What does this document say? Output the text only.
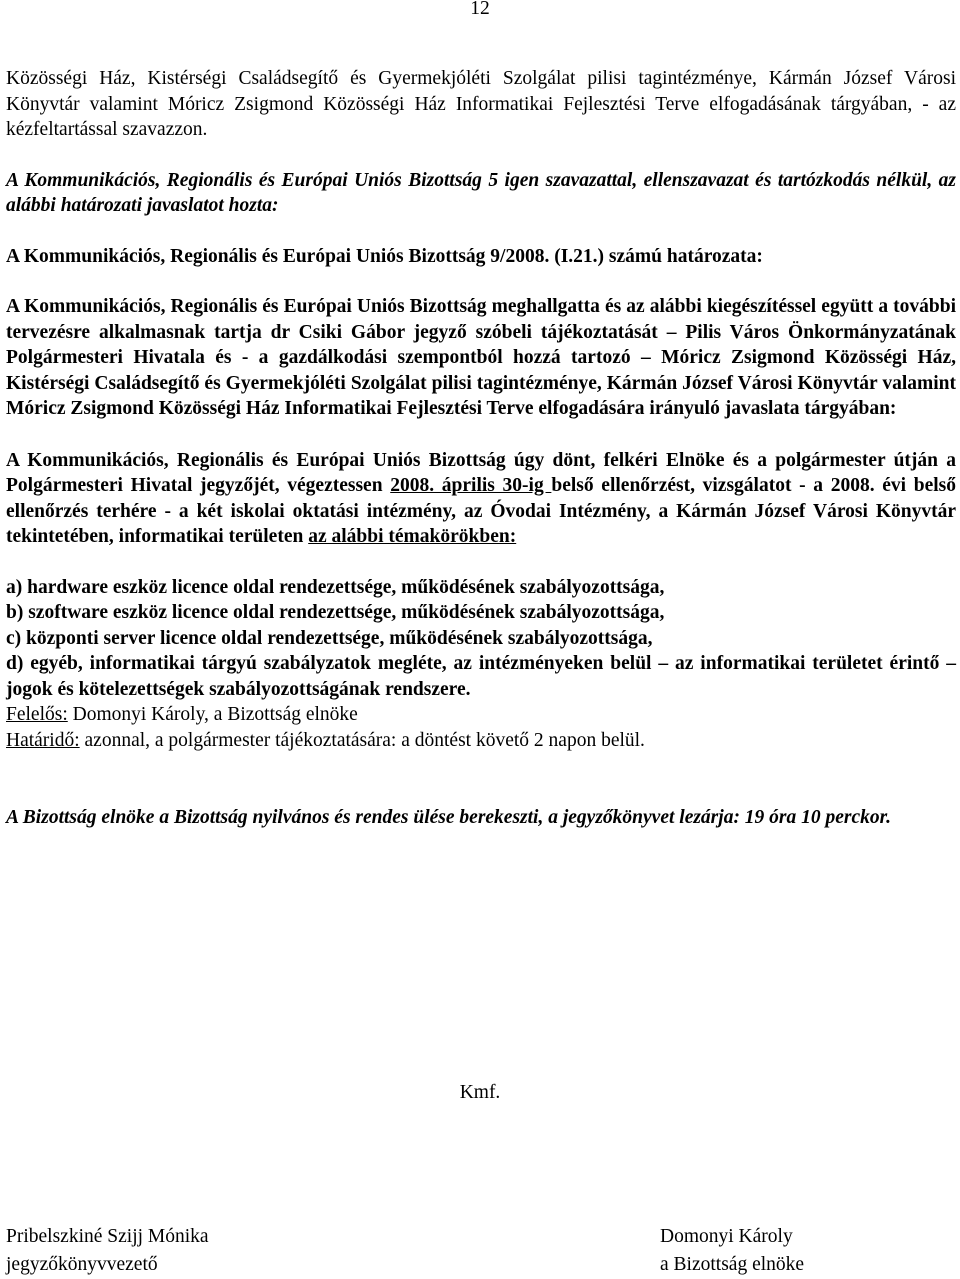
12

Közösségi Ház, Kistérségi Családsegítő és Gyermekjóléti Szolgálat pilisi tagintézménye, Kármán József Városi Könyvtár valamint Móricz Zsigmond Közösségi Ház Informatikai Fejlesztési Terve elfogadásának tárgyában, - az kézfeltartással szavazzon.

A Kommunikációs, Regionális és Európai Uniós Bizottság 5 igen szavazattal, ellenszavazat és tartózkodás nélkül, az alábbi határozati javaslatot hozta:

A Kommunikációs, Regionális és Európai Uniós Bizottság 9/2008. (I.21.) számú határozata:

A Kommunikációs, Regionális és Európai Uniós Bizottság meghallgatta és az alábbi kiegészítéssel együtt a további tervezésre alkalmasnak tartja dr Csiki Gábor jegyző szóbeli tájékoztatását – Pilis Város Önkormányzatának Polgármesteri Hivatala és - a gazdálkodási szempontból hozzá tartozó – Móricz Zsigmond Közösségi Ház, Kistérségi Családsegítő és Gyermekjóléti Szolgálat pilisi tagintézménye, Kármán József Városi Könyvtár valamint Móricz Zsigmond Közösségi Ház Informatikai Fejlesztési Terve elfogadására irányuló javaslata tárgyában:

A Kommunikációs, Regionális és Európai Uniós Bizottság úgy dönt, felkéri Elnöke és a polgármester útján a Polgármesteri Hivatal jegyzőjét, végeztessen 2008. április 30-ig belső ellenőrzést, vizsgálatot - a 2008. évi belső ellenőrzés terhére - a két iskolai oktatási intézmény, az Óvodai Intézmény, a Kármán József Városi Könyvtár tekintetében, informatikai területen az alábbi témakörökben:

a) hardware eszköz licence oldal rendezettsége, működésének szabályozottsága,

b) szoftware eszköz licence oldal rendezettsége, működésének szabályozottsága,

c) központi server licence oldal rendezettsége, működésének szabályozottsága,

d) egyéb, informatikai tárgyú szabályzatok megléte, az intézményeken belül – az informatikai területet érintő – jogok és kötelezettségek szabályozottságának rendszere.

Felelős: Domonyi Károly, a Bizottság elnöke

Határidő: azonnal, a polgármester tájékoztatására: a döntést követő 2 napon belül.

A Bizottság elnöke a Bizottság nyilvános és rendes ülése berekeszti, a jegyzőkönyvet lezárja: 19 óra 10 perckor.

Kmf.
Pribelszkiné Szijj Mónika
jegyzőkönyvvezető
Domonyi Károly
a Bizottság elnöke
